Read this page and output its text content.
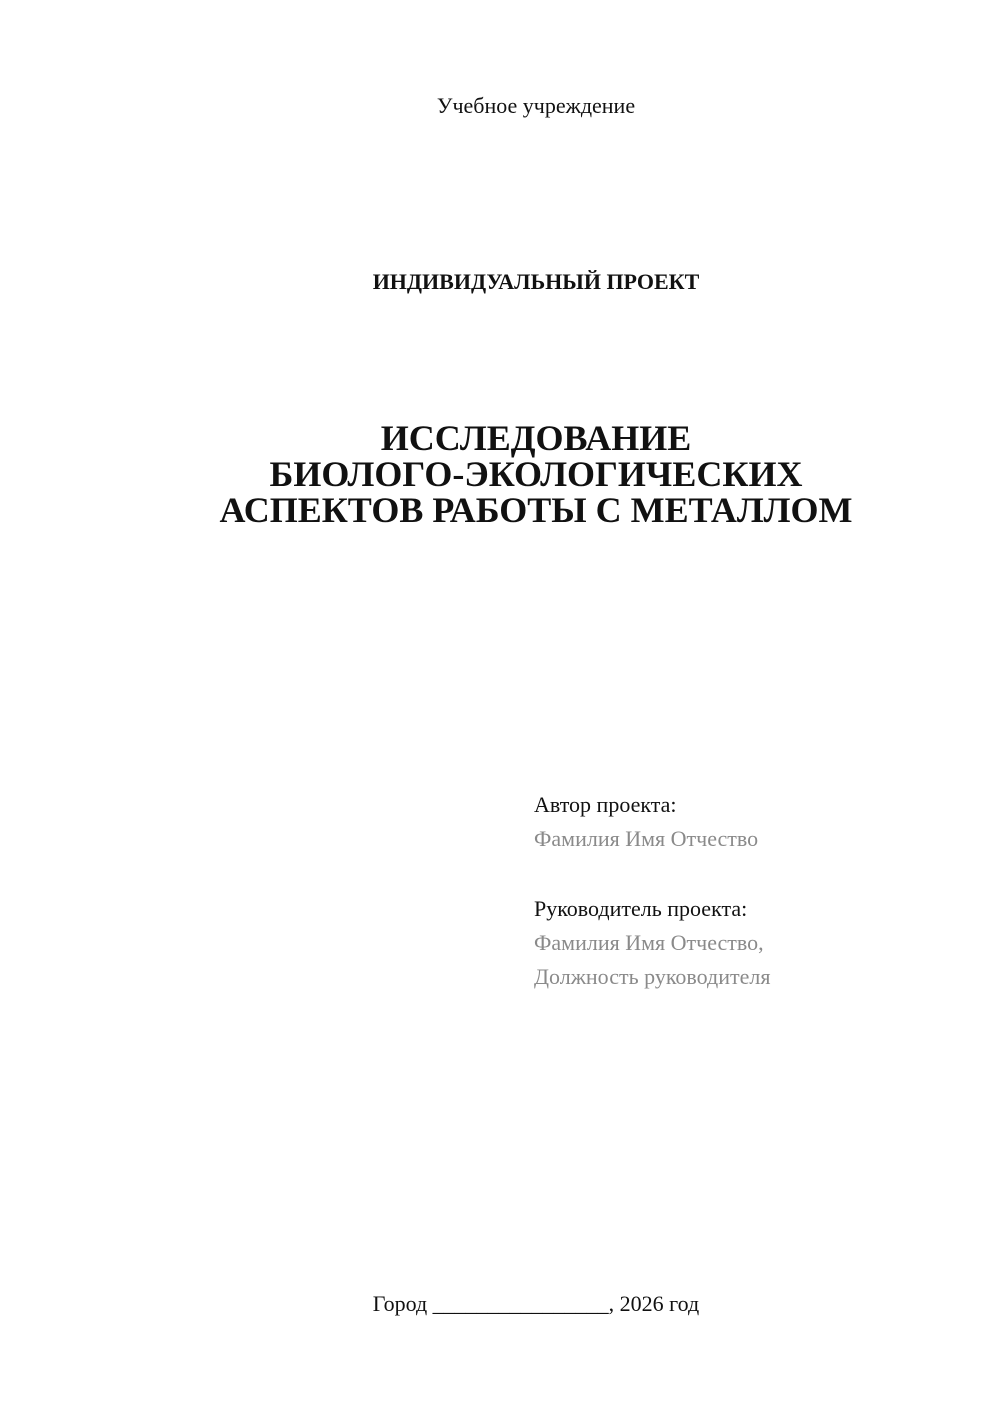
Учебное учреждение
ИНДИВИДУАЛЬНЫЙ ПРОЕКТ
ИССЛЕДОВАНИЕ
БИОЛОГО-ЭКОЛОГИЧЕСКИХ
АСПЕКТОВ РАБОТЫ С МЕТАЛЛОМ
Автор проекта:
Фамилия Имя Отчество
Руководитель проекта:
Фамилия Имя Отчество,
Должность руководителя
Город ________________, 2026 год
